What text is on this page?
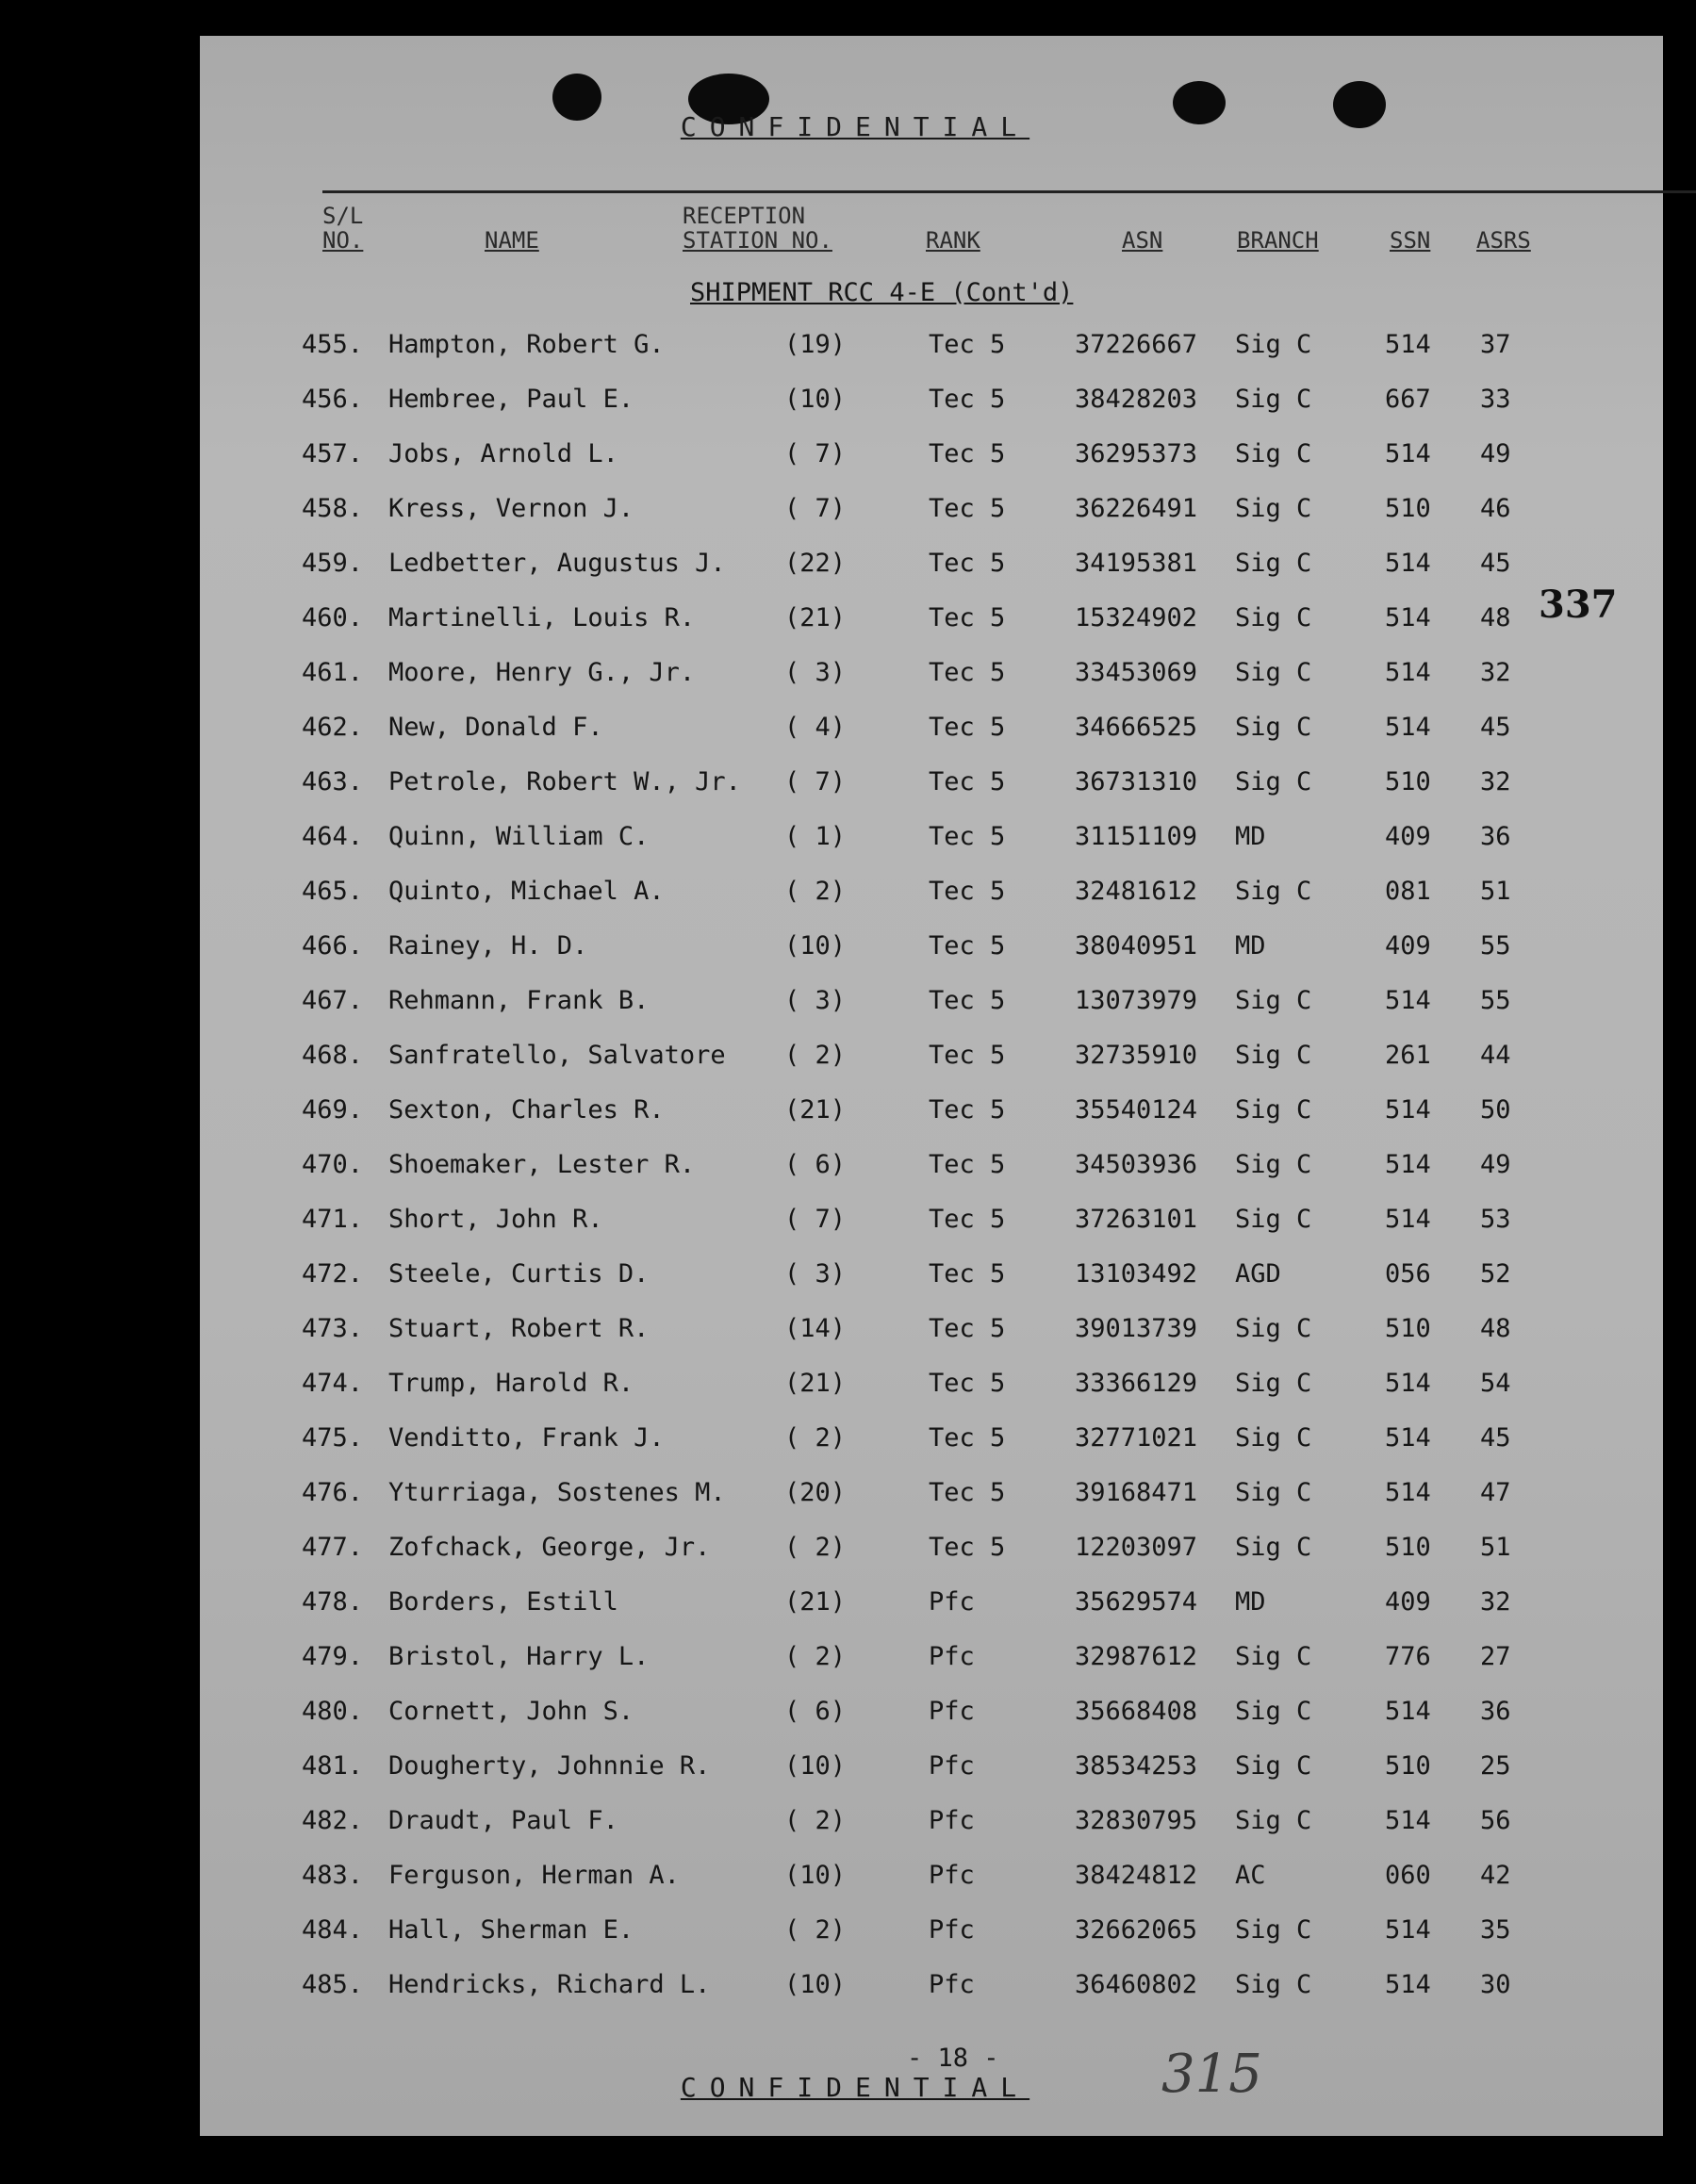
CONFIDENTIAL
S/L
NO.	NAME
RECEPTION
STATION NO.	RANK	ASN	BRANCH	SSN ASRS
SHIPMENT RCC 4-E (Cont'd)
455. Hampton, Robert G.	(19)	Tec 5	37226667 Sig C	514 37
456. Hembree, Paul E.	(10)	Tec 5	38428203 Sig C	667 33
457. Jobs, Arnold L.	( 7)	Tec 5	36295373 Sig C	514 49
458. Kress, Vernon J.	( 7)	Tec 5	36226491 Sig C	510 46
459. Ledbetter, Augustus J. (22)	Tec 5	34195381 Sig C	514 45
460. Martinelli, Louis R.	(21)	Tec 5	15324902 Sig C	514 48
461. Moore, Henry G., Jr.	( 3)	Tec 5	33453069 Sig C	514 32
462. New, Donald F.	( 4)	Tec 5	34666525 Sig C	514 45
463. Petrole, Robert W., Jr. ( 7)	Tec 5	36731310 Sig C	510 32
464. Quinn, William C.	( 1)	Tec 5	31151109 MD	409 36
465. Quinto, Michael A.	( 2)	Tec 5	32481612 Sig C	081 51
466. Rainey, H. D.	(10)	Tec 5	38040951 MD	409 55
467. Rehmann, Frank B.	( 3)	Tec 5	13073979 Sig C	514 55
468. Sanfratello, Salvatore ( 2)	Tec 5	32735910 Sig C	261 44
469. Sexton, Charles R.	(21)	Tec 5	35540124 Sig C	514 50
470. Shoemaker, Lester R.	( 6)	Tec 5	34503936 Sig C	514 49
471. Short, John R.	( 7)	Tec 5	37263101 Sig C	514 53
472. Steele, Curtis D.	( 3)	Tec 5	13103492 AGD	056 52
473. Stuart, Robert R.	(14)	Tec 5	39013739 Sig C	510 48
474. Trump, Harold R.	(21)	Tec 5	33366129 Sig C	514 54
475. Venditto, Frank J.	( 2)	Tec 5	32771021 Sig C	514 45
476. Yturriaga, Sostenes M. (20)	Tec 5	39168471 Sig C	514 47
477. Zofchack, George, Jr.	( 2)	Tec 5	12203097 Sig C	510 51
478. Borders, Estill	(21)	Pfc	35629574 MD	409 32
479. Bristol, Harry L.	( 2)	Pfc	32987612 Sig C	776 27
480. Cornett, John S.	( 6)	Pfc	35668408 Sig C	514 36
481. Dougherty, Johnnie R.	(10)	Pfc	38534253 Sig C	510 25
482. Draudt, Paul F.	( 2)	Pfc	32830795 Sig C	514 56
483. Ferguson, Herman A.	(10)	Pfc	38424812 AC	060 42
484. Hall, Sherman E.	( 2)	Pfc	32662065 Sig C	514 35
485. Hendricks, Richard L.	(10)	Pfc	36460802 Sig C	514 30
337
- 18 -
CONFIDENTIAL	315
